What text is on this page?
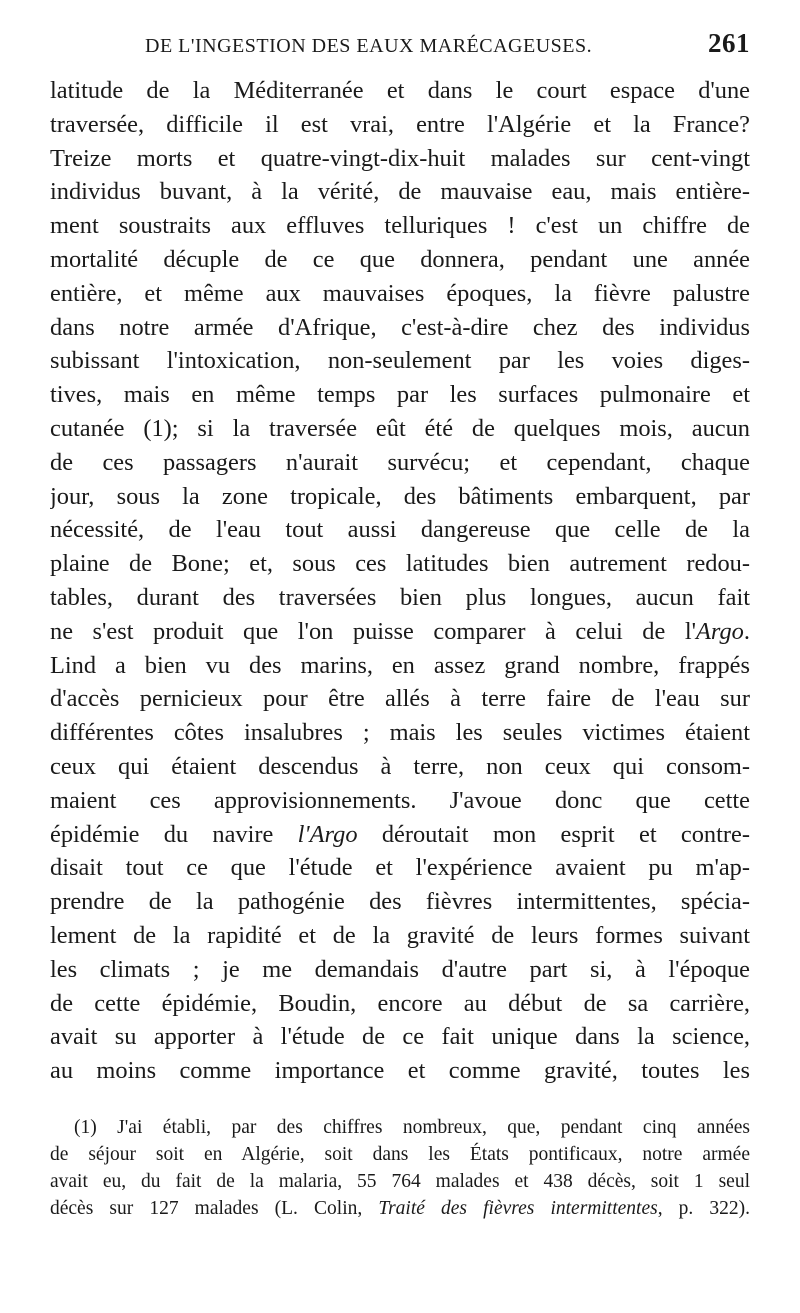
DE L'INGESTION DES EAUX MARÉCAGEUSES.	261
latitude de la Méditerranée et dans le court espace d'une
traversée, difficile il est vrai, entre l'Algérie et la France?
Treize morts et quatre-vingt-dix-huit malades sur cent-vingt
individus buvant, à la vérité, de mauvaise eau, mais entière-
ment soustraits aux effluves telluriques ! c'est un chiffre de
mortalité décuple de ce que donnera, pendant une année
entière, et même aux mauvaises époques, la fièvre palustre
dans notre armée d'Afrique, c'est-à-dire chez des individus
subissant l'intoxication, non-seulement par les voies diges-
tives, mais en même temps par les surfaces pulmonaire et
cutanée (1); si la traversée eût été de quelques mois, aucun
de ces passagers n'aurait survécu; et cependant, chaque
jour, sous la zone tropicale, des bâtiments embarquent, par
nécessité, de l'eau tout aussi dangereuse que celle de la
plaine de Bone; et, sous ces latitudes bien autrement redou-
tables, durant des traversées bien plus longues, aucun fait
ne s'est produit que l'on puisse comparer à celui de l'Argo.
Lind a bien vu des marins, en assez grand nombre, frappés
d'accès pernicieux pour être allés à terre faire de l'eau sur
différentes côtes insalubres ; mais les seules victimes étaient
ceux qui étaient descendus à terre, non ceux qui consom-
maient ces approvisionnements. J'avoue donc que cette
épidémie du navire l'Argo déroutait mon esprit et contre-
disait tout ce que l'étude et l'expérience avaient pu m'ap-
prendre de la pathogénie des fièvres intermittentes, spécia-
lement de la rapidité et de la gravité de leurs formes suivant
les climats ; je me demandais d'autre part si, à l'époque
de cette épidémie, Boudin, encore au début de sa carrière,
avait su apporter à l'étude de ce fait unique dans la science,
au moins comme importance et comme gravité, toutes les
(1) J'ai établi, par des chiffres nombreux, que, pendant cinq années
de séjour soit en Algérie, soit dans les États pontificaux, notre armée
avait eu, du fait de la malaria, 55 764 malades et 438 décès, soit 1 seul
décès sur 127 malades (L. Colin, Traité des fièvres intermittentes, p. 322).
